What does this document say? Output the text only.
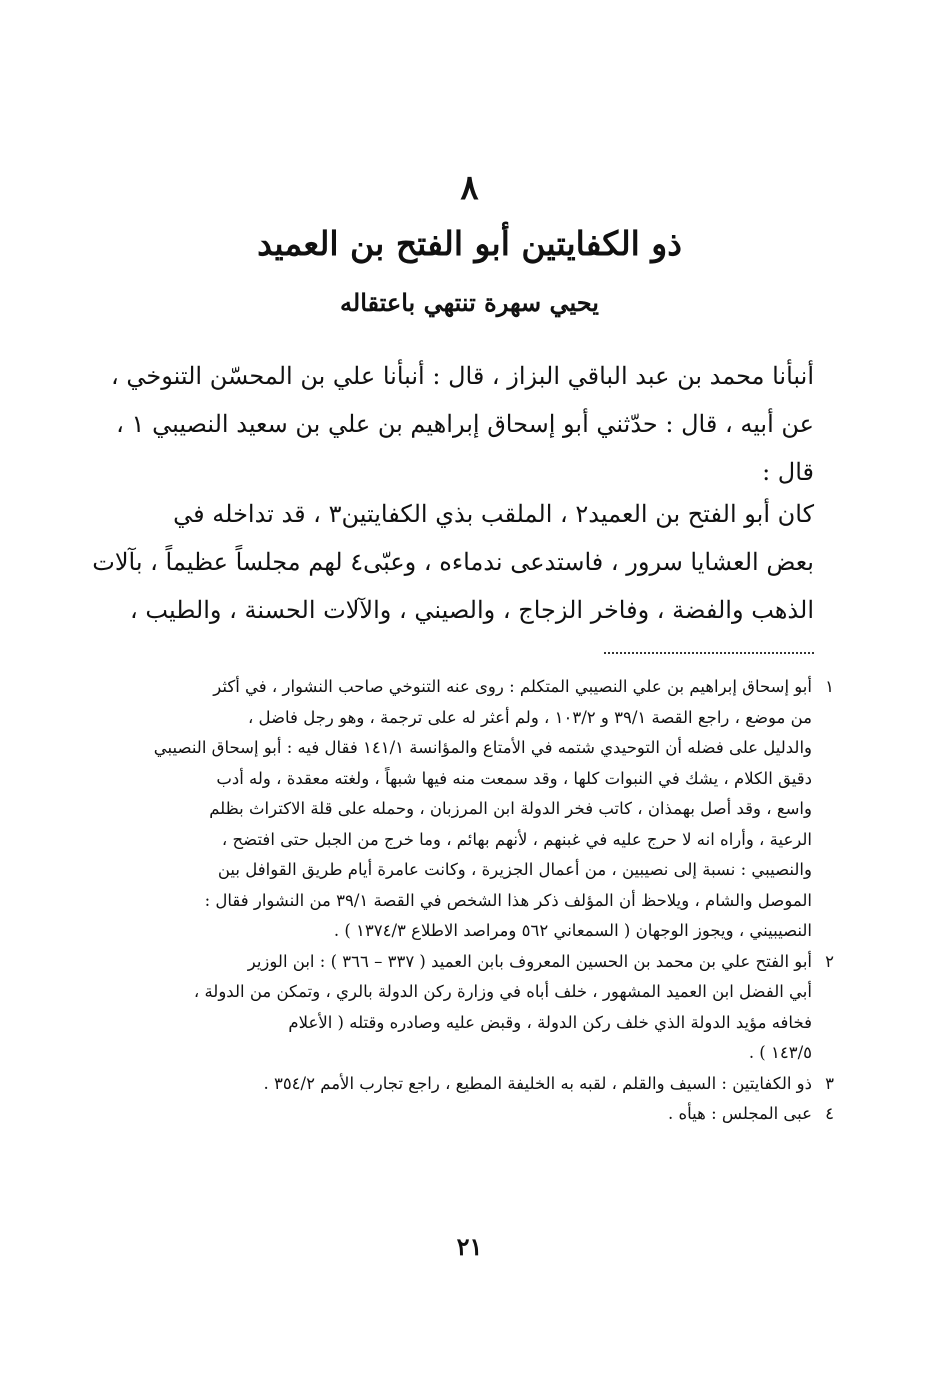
٨
ذو الكفايتين أبو الفتح بن العميد
يحيي سهرة تنتهي باعتقاله
أنبأنا محمد بن عبد الباقي البزاز ، قال : أنبأنا علي بن المحسّن التنوخي ،
عن أبيه ، قال : حدّثني أبو إسحاق إبراهيم بن علي بن سعيد النصيبي ١ ،
قال :
كان أبو الفتح بن العميد٢ ، الملقب بذي الكفايتين٣ ، قد تداخله في
بعض العشايا سرور ، فاستدعى ندماءه ، وعبّى٤ لهم مجلساً عظيماً ، بآلات
الذهب والفضة ، وفاخر الزجاج ، والصيني ، والآلات الحسنة ، والطيب ،
١
أبو إسحاق إبراهيم بن علي النصيبي المتكلم : روى عنه التنوخي صاحب النشوار ، في أكثر
من موضع ، راجع القصة ٣٩/١ و ١٠٣/٢ ، ولم أعثر له على ترجمة ، وهو رجل فاضل ،
والدليل على فضله أن التوحيدي شتمه في الأمتاع والمؤانسة ١٤١/١ فقال فيه : أبو إسحاق النصيبي
دقيق الكلام ، يشك في النبوات كلها ، وقد سمعت منه فيها شبهاً ، ولغته معقدة ، وله أدب
واسع ، وقد أصل بهمذان ، كاتب فخر الدولة ابن المرزبان ، وحمله على قلة الاكتراث بظلم
الرعية ، وأراه انه لا حرج عليه في غبنهم ، لأنهم بهائم ، وما خرج من الجبل حتى افتضح ،
والنصيبي : نسبة إلى نصيبين ، من أعمال الجزيرة ، وكانت عامرة أيام طريق القوافل بين
الموصل والشام ، ويلاحظ أن المؤلف ذكر هذا الشخص في القصة ٣٩/١ من النشوار فقال :
النصيبيني ، ويجوز الوجهان ( السمعاني ٥٦٢ ومراصد الاطلاع ١٣٧٤/٣ ) .
٢
أبو الفتح علي بن محمد بن الحسين المعروف بابن العميد ( ٣٣٧ – ٣٦٦ ) : ابن الوزير
أبي الفضل ابن العميد المشهور ، خلف أباه في وزارة ركن الدولة بالري ، وتمكن من الدولة ،
فخافه مؤيد الدولة الذي خلف ركن الدولة ، وقبض عليه وصادره وقتله ( الأعلام
١٤٣/٥ ) .
٣
ذو الكفايتين : السيف والقلم ، لقبه به الخليفة المطيع ، راجع تجارب الأمم ٣٥٤/٢ .
٤
عبى المجلس : هيأه .
٢١
